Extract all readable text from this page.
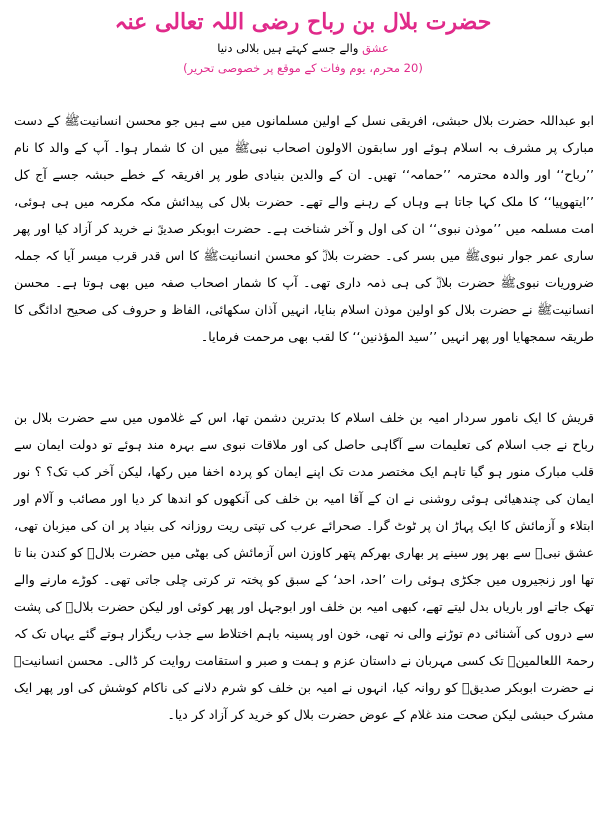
حضرت بلال بن رباح رضی اللہ تعالی عنہ

عشق والے جسے کہتے ہیں بلالی دنیا

(20 محرم، یوم وفات کے موقع پر خصوصی تحریر)

ابو عبداللہ حضرت بلال حبشی، افریقی نسل کے اولین مسلمانوں میں سے ہیں جو محسن انسانیتﷺ کے دست مبارک پر مشرف بہ اسلام ہوئے اور سابقون الاولون اصحاب نبیﷺ میں ان کا شمار ہوا۔ آپ کے والد کا نام ’’رباح‘‘ اور والدہ محترمہ ’’حمامہ‘‘ تھیں۔ ان کے والدین بنیادی طور پر افریقہ کے خطے حبشہ جسے آج کل ’’ایتھوپیا‘‘ کا ملک کہا جاتا ہے وہاں کے رہنے والے تھے۔ حضرت بلال کی پیدائش مکہ مکرمہ میں ہی ہوئی، امت مسلمہ میں ’’موذن نبوی‘‘ ان کی اول و آخر شناخت ہے۔ حضرت ابوبکر صدیقؓ نے خرید کر آزاد کیا اور پھر ساری عمر جوار نبویﷺ میں بسر کی۔ حضرت بلالؓ کو محسن انسانیتﷺ کا اس قدر قرب میسر آیا کہ جملہ ضروریات نبویﷺ حضرت بلالؓ کی ہی ذمہ داری تھی۔ آپ کا شمار اصحاب صفہ میں بھی ہوتا ہے۔ محسن انسانیتﷺ نے حضرت بلال کو اولین موذن اسلام بنایا، انہیں آذان سکھائی، الفاظ و حروف کی صحیح ادائگی کا طریقہ سمجھایا اور پھر انہیں ’’سید المؤذنین‘‘ کا لقب بھی مرحمت فرمایا۔

قریش کا ایک نامور سردار امیہ بن خلف اسلام کا بدترین دشمن تھا، اس کے غلاموں میں سے حضرت بلال بن رباح نے جب اسلام کی تعلیمات سے آگاہی حاصل کی اور ملاقات نبوی سے بہرہ مند ہوئے تو دولت ایمان سے قلب مبارک منور ہو گیا تاہم ایک مختصر مدت تک اپنے ایمان کو پردہ اخفا میں رکھا، لیکن آخر کب تک؟ ؟ نور ایمان کی چندھیائی ہوئی روشنی نے ان کے آقا امیہ بن خلف کی آنکھوں کو اندھا کر دیا اور مصائب و آلام اور ابتلاء و آزمائش کا ایک پہاڑ ان پر ٹوٹ گرا۔ صحرائے عرب کی تپتی ریت روزانہ کی بنیاد پر ان کی میزبان تھی، عشق نبیﷺ سے بھر پور سینے پر بھاری بھرکم پتھر کاوزن اس آزمائش کی بھٹی میں حضرت بلالؓ کو کندن بنا تا تھا اور زنجیروں میں جکڑی ہوئی رات ’احد، احد‘ کے سبق کو پختہ تر کرتی چلی جاتی تھی۔ کوڑے مارنے والے تھک جاتے اور باریاں بدل لیتے تھے، کبھی امیہ بن خلف اور ابوجہل اور پھر کوئی اور لیکن حضرت بلالؓ کی پشت سے دروں کی آشنائی دم توڑنے والی نہ تھی، خون اور پسینہ باہم اختلاط سے جذب ریگزار ہوتے گئے یہاں تک کہ رحمۃ اللعالمینﷺ تک کسی مہربان نے داستان عزم و ہمت و صبر و استقامت روایت کر ڈالی۔ محسن انسانیتﷺ نے حضرت ابوبکر صدیقؓ کو روانہ کیا، انہوں نے امیہ بن خلف کو شرم دلانے کی ناکام کوشش کی اور پھر ایک مشرک حبشی لیکن صحت مند غلام کے عوض حضرت بلال کو خرید کر آزاد کر دیا۔
